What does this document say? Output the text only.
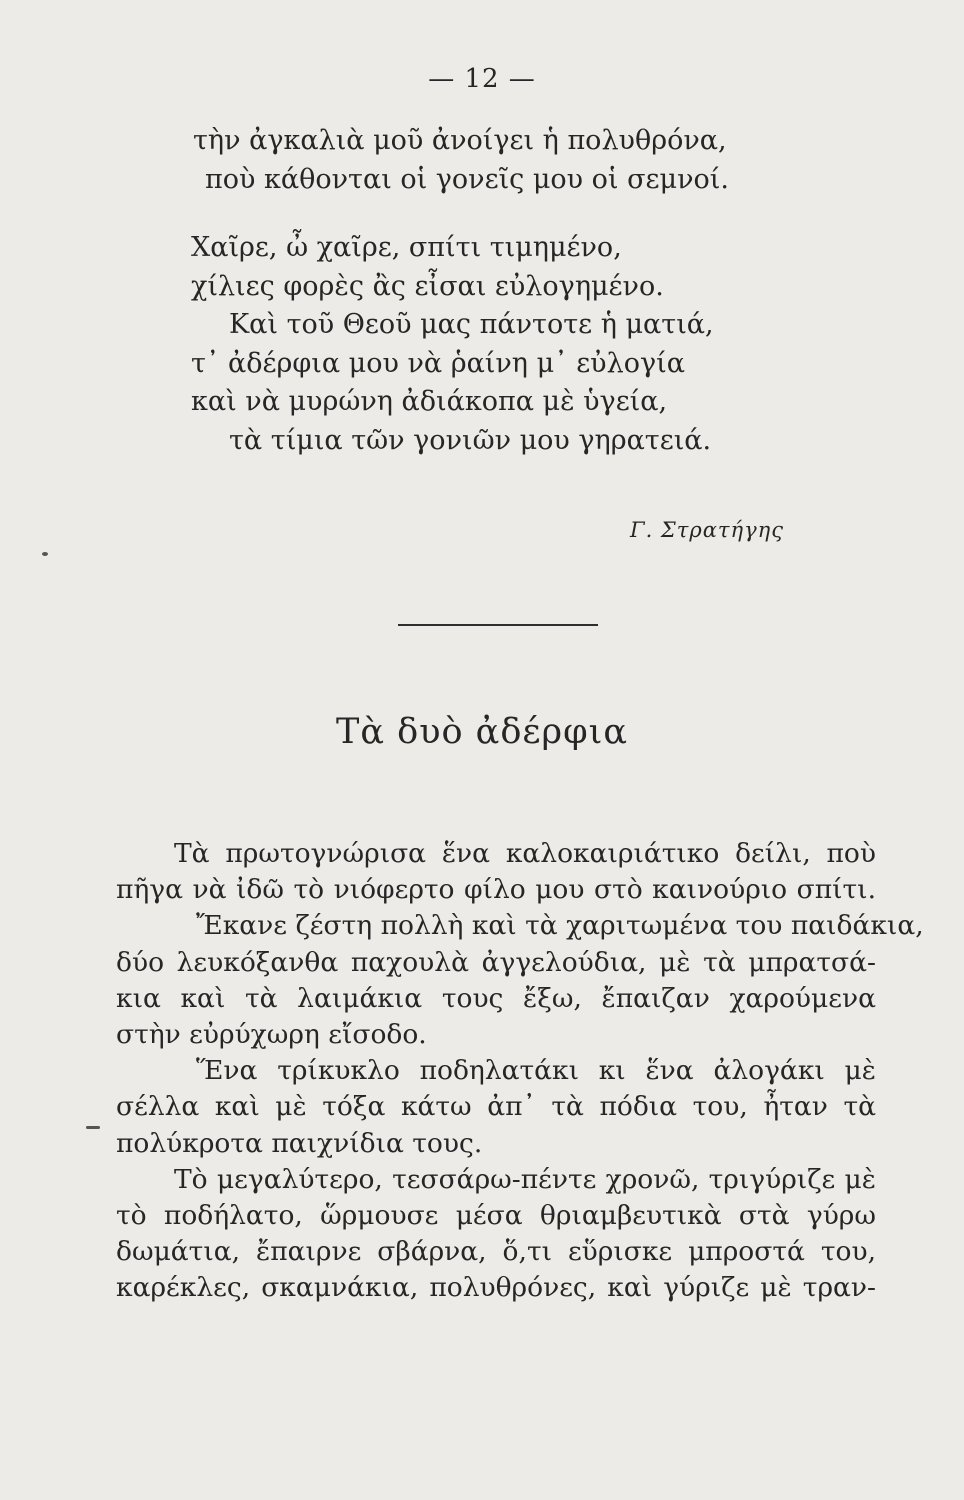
— 12 —
τὴν ἀγκαλιὰ μοῦ ἀνοίγει ἡ πολυθρόνα,
ποὺ κάθονται οἱ γονεῖς μου οἱ σεμνοί.
Χαῖρε, ὦ χαῖρε, σπίτι τιμημένο,
χίλιες φορὲς ἂς εἶσαι εὐλογημένο.
Καὶ τοῦ Θεοῦ μας πάντοτε ἡ ματιά,
τ᾿ ἀδέρφια μου νὰ ῥαίνη μ᾿ εὐλογία
καὶ νὰ μυρώνη ἀδιάκοπα μὲ ὑγεία,
τὰ τίμια τῶν γονιῶν μου γηρατειά.
Γ. Στρατήγης
Τὰ δυὸ ἀδέρφια
Τὰ πρωτογνώρισα ἕνα καλοκαιριάτικο δείλι, ποὺ
πῆγα νὰ ἰδῶ τὸ νιόφερτο φίλο μου στὸ καινούριο σπίτι.
Ἔκανε ζέστη πολλὴ καὶ τὰ χαριτωμένα του παιδάκια,
δύο λευκόξανθα παχουλὰ ἀγγελούδια, μὲ τὰ μπρατσά-
κια καὶ τὰ λαιμάκια τους ἔξω, ἔπαιζαν χαρούμενα
στὴν εὐρύχωρη εἴσοδο.
Ἕνα τρίκυκλο ποδηλατάκι κι ἕνα ἀλογάκι μὲ
σέλλα καὶ μὲ τόξα κάτω ἀπ᾿ τὰ πόδια του, ἦταν τὰ
πολύκροτα παιχνίδια τους.
Τὸ μεγαλύτερο, τεσσάρω-πέντε χρονῶ, τριγύριζε μὲ
τὸ ποδήλατο, ὥρμουσε μέσα θριαμβευτικὰ στὰ γύρω
δωμάτια, ἔπαιρνε σβάρνα, ὅ,τι εὕρισκε μπροστά του,
καρέκλες, σκαμνάκια, πολυθρόνες, καὶ γύριζε μὲ τραν-
